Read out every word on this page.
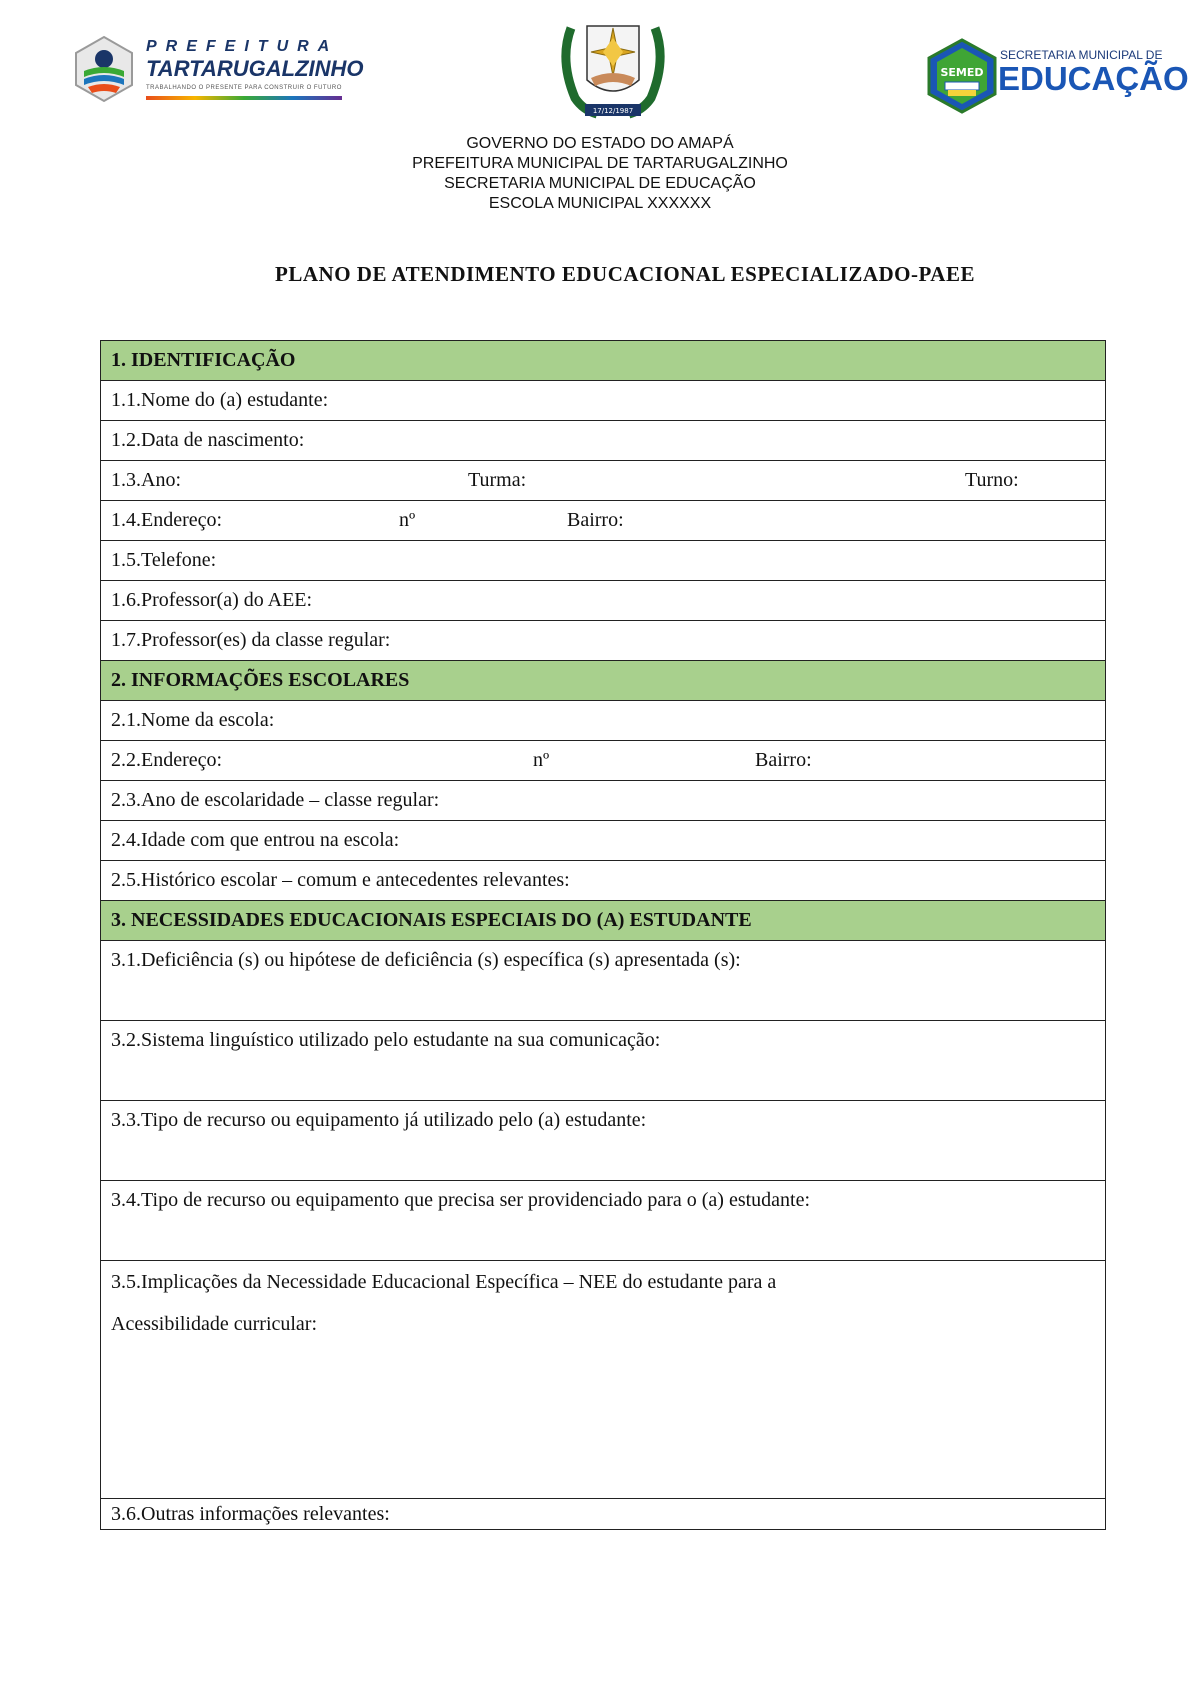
PREFEITURA
TARTARUGALZINHO
TRABALHANDO O PRESENTE PARA CONSTRUIR O FUTURO
17/12/1987
SEMED
SECRETARIA MUNICIPAL DE
EDUCAÇÃO
GOVERNO DO ESTADO DO AMAPÁ
PREFEITURA MUNICIPAL DE TARTARUGALZINHO
SECRETARIA MUNICIPAL DE EDUCAÇÃO
ESCOLA MUNICIPAL XXXXXX
PLANO DE ATENDIMENTO EDUCACIONAL ESPECIALIZADO-PAEE
1. IDENTIFICAÇÃO
1.1.Nome do (a) estudante:
1.2.Data de nascimento:

1.3.Ano:	Turma:	Turno:

1.4.Endereço:	nº	Bairro:

1.5.Telefone:
1.6.Professor(a) do AEE:
1.7.Professor(es) da classe regular:
2. INFORMAÇÕES ESCOLARES
2.1.Nome da escola:

2.2.Endereço:	nº	Bairro:

2.3.Ano de escolaridade – classe regular:
2.4.Idade com que entrou na escola:
2.5.Histórico escolar – comum e antecedentes relevantes:
3. NECESSIDADES EDUCACIONAIS ESPECIAIS DO (A) ESTUDANTE
3.1.Deficiência (s) ou hipótese de deficiência (s) específica (s) apresentada (s):
3.2.Sistema linguístico utilizado pelo estudante na sua comunicação:
3.3.Tipo de recurso ou equipamento já utilizado pelo (a) estudante:
3.4.Tipo de recurso ou equipamento que precisa ser providenciado para o (a) estudante:

3.5.Implicações da Necessidade Educacional Específica – NEE do estudante para a
Acessibilidade curricular:

3.6.Outras informações relevantes:
